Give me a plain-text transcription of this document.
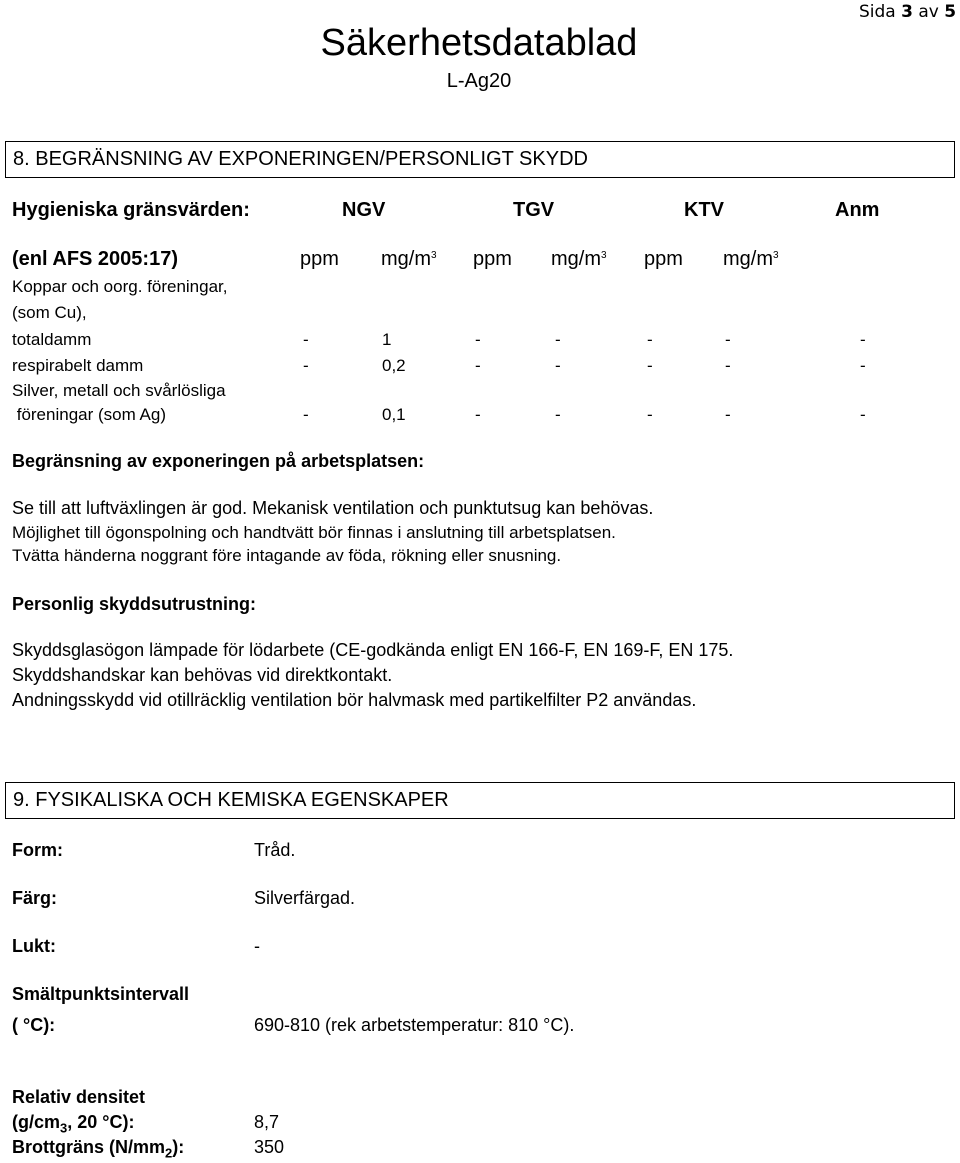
Sida 3 av 5
Säkerhetsdatablad
L-Ag20
8. BEGRÄNSNING AV EXPONERINGEN/PERSONLIGT SKYDD
Hygieniska gränsvärden:	NGV	TGV	KTV	Anm
(enl AFS 2005:17)	ppm $mg/m^3$ ppm $mg/m^3$ ppm $mg/m^3$
Koppar och oorg. föreningar,
(som Cu),
totaldamm	-	1	-	-	-	-	-
respirabelt damm	-	0,2	-	-	-	-	-
Silver, metall och svårlösliga
föreningar (som Ag)	-	0,1	-	-	-	-	-
Begränsning av exponeringen på arbetsplatsen:
Se till att luftväxlingen är god. Mekanisk ventilation och punktutsug kan behövas.
Möjlighet till ögonspolning och handtvätt bör finnas i anslutning till arbetsplatsen.
Tvätta händerna noggrant före intagande av föda, rökning eller snusning.
Personlig skyddsutrustning:
Skyddsglasögon lämpade för lödarbete (CE-godkända enligt EN 166-F, EN 169-F, EN 175.
Skyddshandskar kan behövas vid direktkontakt.
Andningsskydd vid otillräcklig ventilation bör halvmask med partikelfilter P2 användas.
9. FYSIKALISKA OCH KEMISKA EGENSKAPER
Form:	Tråd.
Färg:	Silverfärgad.
Lukt:	-
Smältpunktsintervall
( °C):	690-810 (rek arbetstemperatur: 810 °C).
Relativ densitet
($g/cm_3$, 20 °C):	8,7
Brottgräns $(N/mm_2)$:	350
